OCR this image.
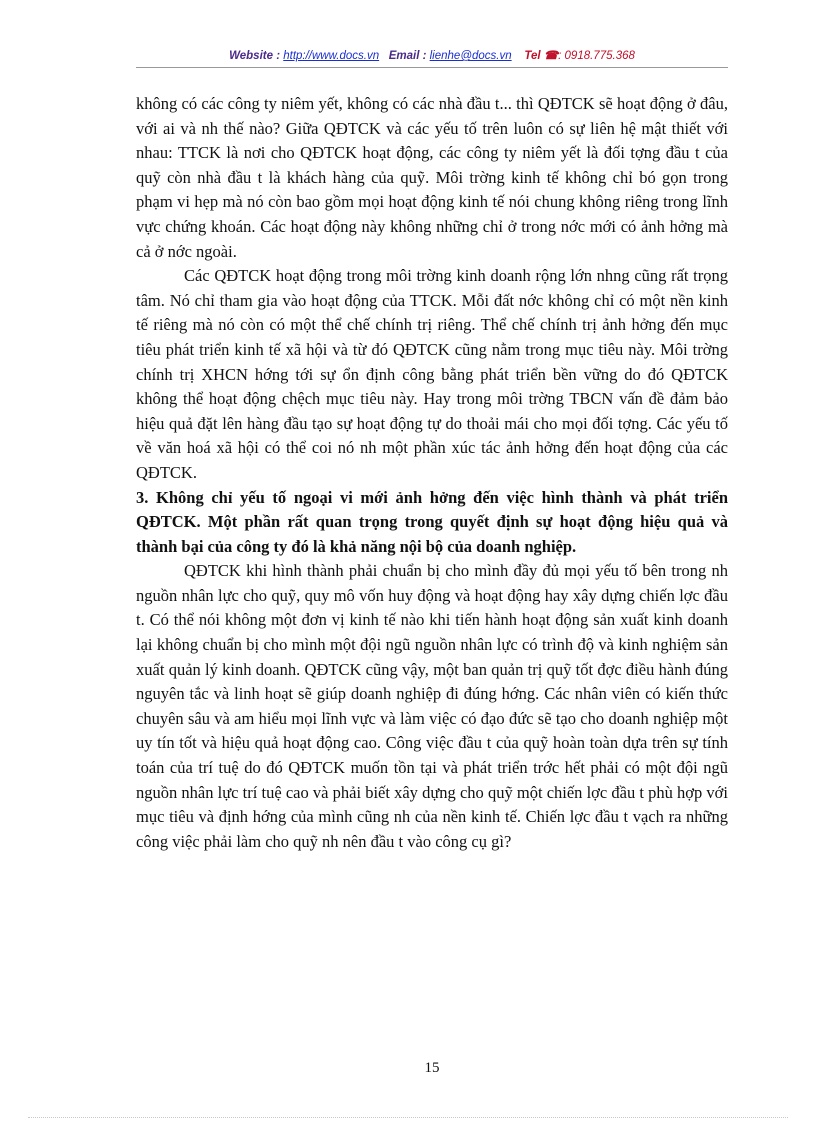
Website : http://www.docs.vn Email : lienhe@docs.vn Tel ☎: 0918.775.368

không có các công ty niêm yết, không có các nhà đầu t... thì QĐTCK sẽ hoạt động ở đâu, với ai và nh thế nào? Giữa QĐTCK và các yếu tố trên luôn có sự liên hệ mật thiết với nhau: TTCK là nơi cho QĐTCK hoạt động, các công ty niêm yết là đối tợng đầu t của quỹ còn nhà đầu t là khách hàng của quỹ. Môi trờng kinh tế không chỉ bó gọn trong phạm vi hẹp mà nó còn bao gồm mọi hoạt động kinh tế nói chung không riêng trong lĩnh vực chứng khoán. Các hoạt động này không những chỉ ở trong nớc mới có ảnh hởng mà cả ở nớc ngoài.

Các QĐTCK hoạt động trong môi trờng kinh doanh rộng lớn nhng cũng rất trọng tâm. Nó chỉ tham gia vào hoạt động của TTCK. Mỗi đất nớc không chỉ có một nền kinh tế riêng mà nó còn có một thể chế chính trị riêng. Thể chế chính trị ảnh hởng đến mục tiêu phát triển kinh tế xã hội và từ đó QĐTCK cũng nằm trong mục tiêu này. Môi trờng chính trị XHCN hớng tới sự ổn định công bằng phát triển bền vững do đó QĐTCK không thể hoạt động chệch mục tiêu này. Hay trong môi trờng TBCN vấn đề đảm bảo hiệu quả đặt lên hàng đầu tạo sự hoạt động tự do thoải mái cho mọi đối tợng. Các yếu tố về văn hoá xã hội có thể coi nó nh một phần xúc tác ảnh hởng đến hoạt động của các QĐTCK.

3. Không chỉ yếu tố ngoại vi mới ảnh hởng đến việc hình thành và phát triển QĐTCK. Một phần rất quan trọng trong quyết định sự hoạt động hiệu quả và thành bại của công ty đó là khả năng nội bộ của doanh nghiệp.

QĐTCK khi hình thành phải chuẩn bị cho mình đầy đủ mọi yếu tố bên trong nh nguồn nhân lực cho quỹ, quy mô vốn huy động và hoạt động hay xây dựng chiến lợc đầu t. Có thể nói không một đơn vị kinh tế nào khi tiến hành hoạt động sản xuất kinh doanh lại không chuẩn bị cho mình một đội ngũ nguồn nhân lực có trình độ và kinh nghiệm sản xuất quản lý kinh doanh. QĐTCK cũng vậy, một ban quản trị quỹ tốt đợc điều hành đúng nguyên tắc và linh hoạt sẽ giúp doanh nghiệp đi đúng hớng. Các nhân viên có kiến thức chuyên sâu và am hiểu mọi lĩnh vực và làm việc có đạo đức sẽ tạo cho doanh nghiệp một uy tín tốt và hiệu quả hoạt động cao. Công việc đầu t của quỹ hoàn toàn dựa trên sự tính toán của trí tuệ do đó QĐTCK muốn tồn tại và phát triển trớc hết phải có một đội ngũ nguồn nhân lực trí tuệ cao và phải biết xây dựng cho quỹ một chiến lợc đầu t phù hợp với mục tiêu và định hớng của mình cũng nh của nền kinh tế. Chiến lợc đầu t vạch ra những công việc phải làm cho quỹ nh nên đầu t vào công cụ gì?

15
